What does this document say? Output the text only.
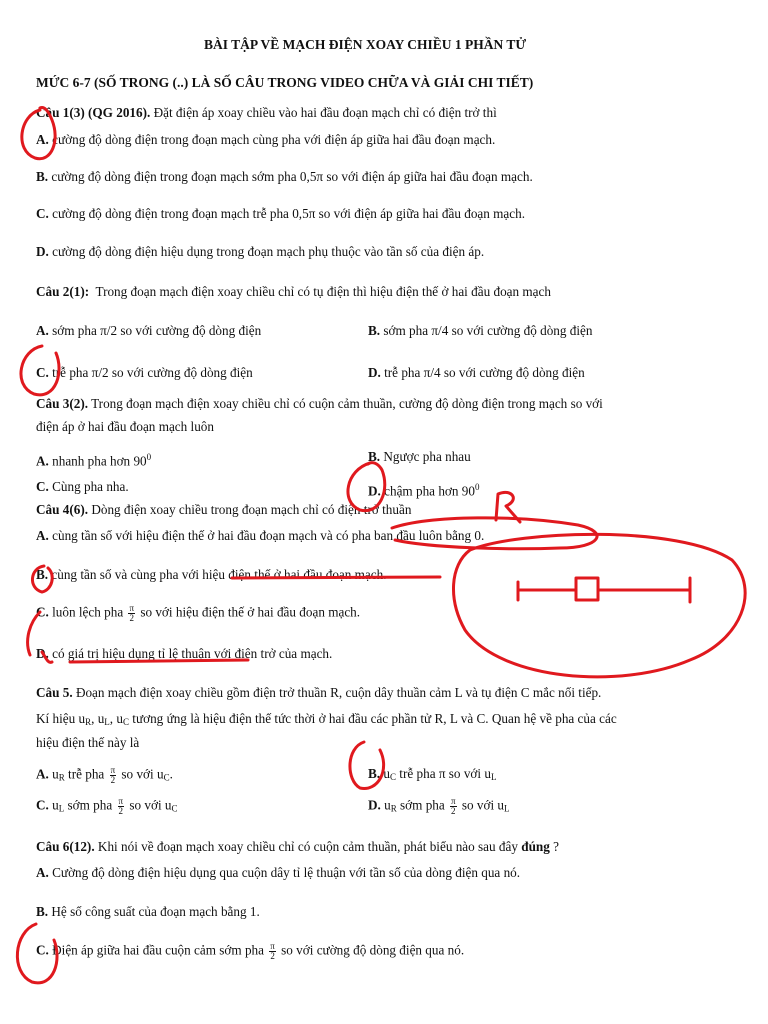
BÀI TẬP VỀ MẠCH ĐIỆN XOAY CHIỀU 1 PHẦN TỬ
MỨC 6-7 (SỐ TRONG (..) LÀ SỐ CÂU TRONG VIDEO CHỮA VÀ GIẢI CHI TIẾT)
Câu 1(3) (QG 2016). Đặt điện áp xoay chiều vào hai đầu đoạn mạch chỉ có điện trở thì
A. cường độ dòng điện trong đoạn mạch cùng pha với điện áp giữa hai đầu đoạn mạch.
B. cường độ dòng điện trong đoạn mạch sớm pha 0,5π so với điện áp giữa hai đầu đoạn mạch.
C. cường độ dòng điện trong đoạn mạch trễ pha 0,5π so với điện áp giữa hai đầu đoạn mạch.
D. cường độ dòng điện hiệu dụng trong đoạn mạch phụ thuộc vào tần số của điện áp.
Câu 2(1): Trong đoạn mạch điện xoay chiều chỉ có tụ điện thì hiệu điện thế ở hai đầu đoạn mạch
A. sớm pha π/2 so với cường độ dòng điện	B. sớm pha π/4 so với cường độ dòng điện
C. trễ pha π/2 so với cường độ dòng điện	D. trễ pha π/4 so với cường độ dòng điện
Câu 3(2). Trong đoạn mạch điện xoay chiều chỉ có cuộn cảm thuần, cường độ dòng điện trong mạch so với
điện áp ở hai đầu đoạn mạch luôn
A. nhanh pha hơn $90^0$	B. Ngược pha nhau
C. Cùng pha nha.	D. chậm pha hơn $90^0$
Câu 4(6). Dòng điện xoay chiều trong đoạn mạch chỉ có điện trở thuần
A. cùng tần số với hiệu điện thế ở hai đầu đoạn mạch và có pha ban đầu luôn bằng 0.
B. cùng tần số và cùng pha với hiệu điện thế ở hai đầu đoạn mạch.
C. luôn lệch pha $\frac{\pi}{2}$ so với hiệu điện thế ở hai đầu đoạn mạch.
D. có giá trị hiệu dụng tỉ lệ thuận với điện trở của mạch.
Câu 5. Đoạn mạch điện xoay chiều gồm điện trở thuần R, cuộn dây thuần cảm L và tụ điện C mắc nối tiếp.
Kí hiệu $u_R$, $u_L$, $u_C$ tương ứng là hiệu điện thế tức thời ở hai đầu các phần tử R, L và C. Quan hệ về pha của các
hiệu điện thế này là
A. $u_R$ trễ pha $\frac{\pi}{2}$ so với $u_C$.	B. $u_C$ trễ pha π so với $u_L$
C. $u_L$ sớm pha $\frac{\pi}{2}$ so với $u_C$	D. $u_R$ sớm pha $\frac{\pi}{2}$ so với $u_L$
Câu 6(12). Khi nói về đoạn mạch xoay chiều chỉ có cuộn cảm thuần, phát biểu nào sau đây đúng ?
A. Cường độ dòng điện hiệu dụng qua cuộn dây tỉ lệ thuận với tần số của dòng điện qua nó.
B. Hệ số công suất của đoạn mạch bằng 1.
C. Điện áp giữa hai đầu cuộn cảm sớm pha $\frac{\pi}{2}$ so với cường độ dòng điện qua nó.
